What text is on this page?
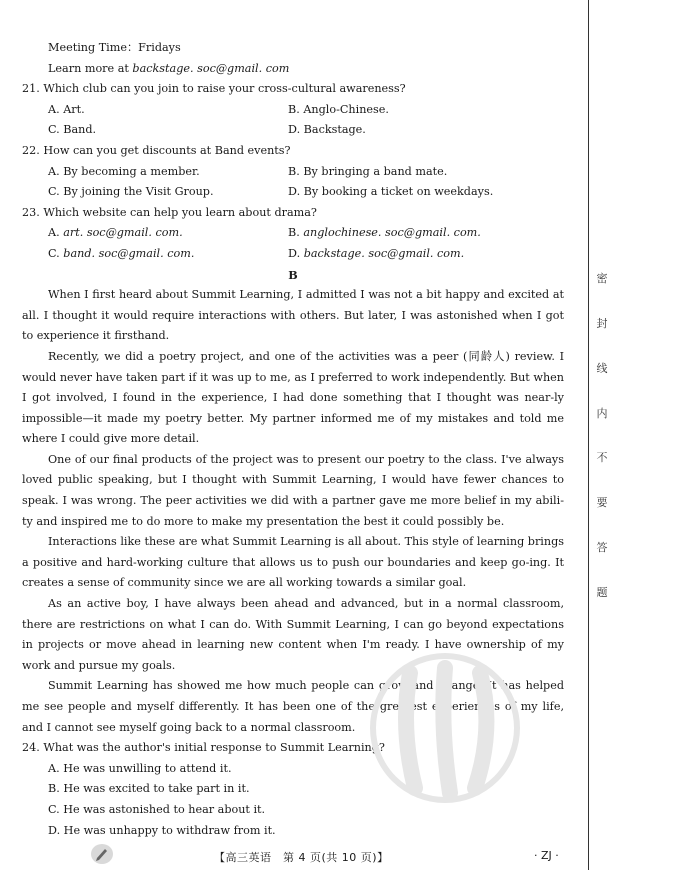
Meeting Time：Fridays
Learn more at backstage. soc@gmail. com
21. Which club can you join to raise your cross-cultural awareness?
A. Art.	B. Anglo-Chinese.
C. Band.	D. Backstage.
22. How can you get discounts at Band events?
A. By becoming a member.	B. By bringing a band mate.
C. By joining the Visit Group.	D. By booking a ticket on weekdays.
23. Which website can help you learn about drama?
A. art. soc@gmail. com.	B. anglochinese. soc@gmail. com.
C. band. soc@gmail. com.	D. backstage. soc@gmail. com.
B

When I first heard about Summit Learning, I admitted I was not a bit happy and excited at all. I thought it would require interactions with others. But later, I was astonished when I got to experience it firsthand.

Recently, we did a poetry project, and one of the activities was a peer (同龄人) review. I would never have taken part if it was up to me, as I preferred to work independently. But when I got involved, I found in the experience, I had done something that I thought was near-ly impossible—it made my poetry better. My partner informed me of my mistakes and told me where I could give more detail.

One of our final products of the project was to present our poetry to the class. I've always loved public speaking, but I thought with Summit Learning, I would have fewer chances to speak. I was wrong. The peer activities we did with a partner gave me more belief in my abili-ty and inspired me to do more to make my presentation the best it could possibly be.

Interactions like these are what Summit Learning is all about. This style of learning brings a positive and hard-working culture that allows us to push our boundaries and keep go-ing. It creates a sense of community since we are all working towards a similar goal.

As an active boy, I have always been ahead and advanced, but in a normal classroom, there are restrictions on what I can do. With Summit Learning, I can go beyond expectations in projects or move ahead in learning new content when I'm ready. I have ownership of my work and pursue my goals.

Summit Learning has showed me how much people can grow and change. It has helped me see people and myself differently. It has been one of the greatest experiences of my life, and I cannot see myself going back to a normal classroom.

24. What was the author's initial response to Summit Learning?
A. He was unwilling to attend it.
B. He was excited to take part in it.
C. He was astonished to hear about it.
D. He was unhappy to withdraw from it.
【高三英语　第 4 页(共 10 页)】	· ZJ ·
密
封
线
内
不
要
答
题
